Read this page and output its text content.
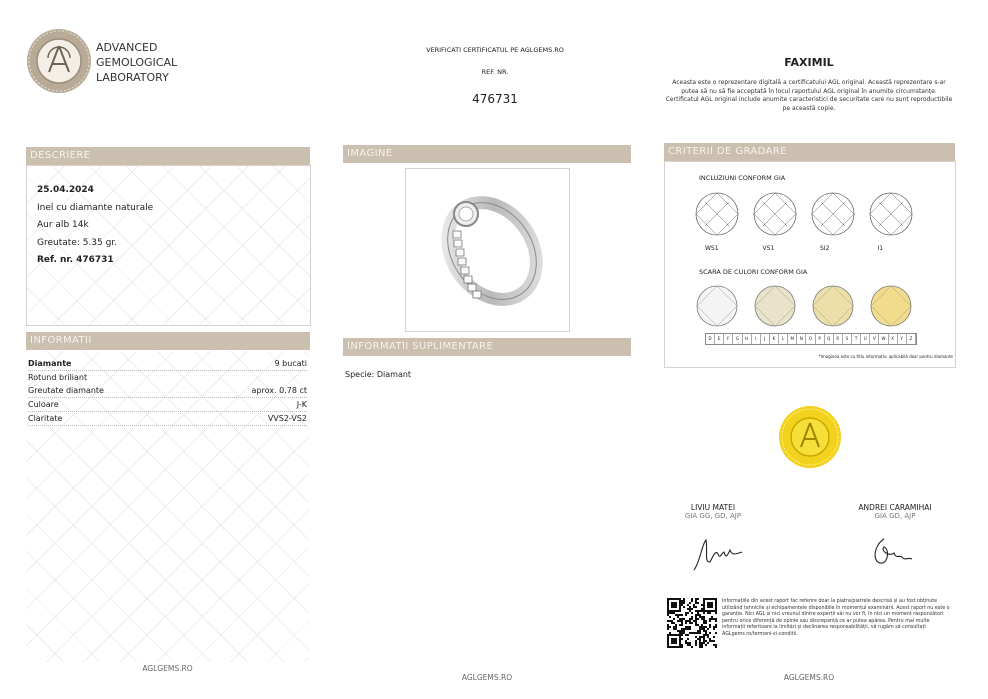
ADVANCED
GEMOLOGICAL
LABORATORY
VERIFICATI CERTIFICATUL PE AGLGEMS.RO
REF. NR.
476731
FAXIMIL
Aceasta este o reprezentare digitală a certificatului AGL original. Această reprezentare s-ar putea să nu să fie acceptată în locul raportului AGL original în anumite circumstanțe. Certificatul AGL original include anumite caracteristici de securitate care nu sunt reproductibile pe această copie.
DESCRIERE
25.04.2024
Inel cu diamante naturale
Aur alb 14k
Greutate: 5.35 gr.
Ref. nr. 476731
INFORMATII
Diamante	9 bucati
Rotund briliant
Greutate diamante	aprox. 0.78 ct
Culoare	J-K
Claritate	VVS2-VS2
AGLGEMS.RO
IMAGINE
INFORMATII SUPLIMENTARE
Specie: Diamant
AGLGEMS.RO
CRITERII DE GRADARE
INCLUZIUNI CONFORM GIA
WS1	VS1	SI2	I1
SCARA DE CULORI CONFORM GIA
D	E	F	G	H	I	J	K	L	M	N	O	P	Q	R	S	T	U	V	W	X	Y	Z
*Imaginea este cu titlu informativ; aplicabilă doar pentru diamante
LIVIU MATEI
GIA GG, GD, AJP
ANDREI CARAMIHAI
GIA GD, AJP
Informațiile din acest raport fac referire doar la piatra/piatrele descrisă și au fost obținute utilizând tehnicile și echipamentele disponibile în momentul examinării. Acest raport nu este o garanție. Nici AGL și nici vreunul dintre experții săi nu vor fi, în nici un moment răspunzători pentru orice diferență de opinie sau discrepanță ce ar putea apărea. Pentru mai multe informații referitoare la limitări și declinarea responsabilității, vă rugăm să consultați AGLgems.ro/termeni-si-conditii.
AGLGEMS.RO
